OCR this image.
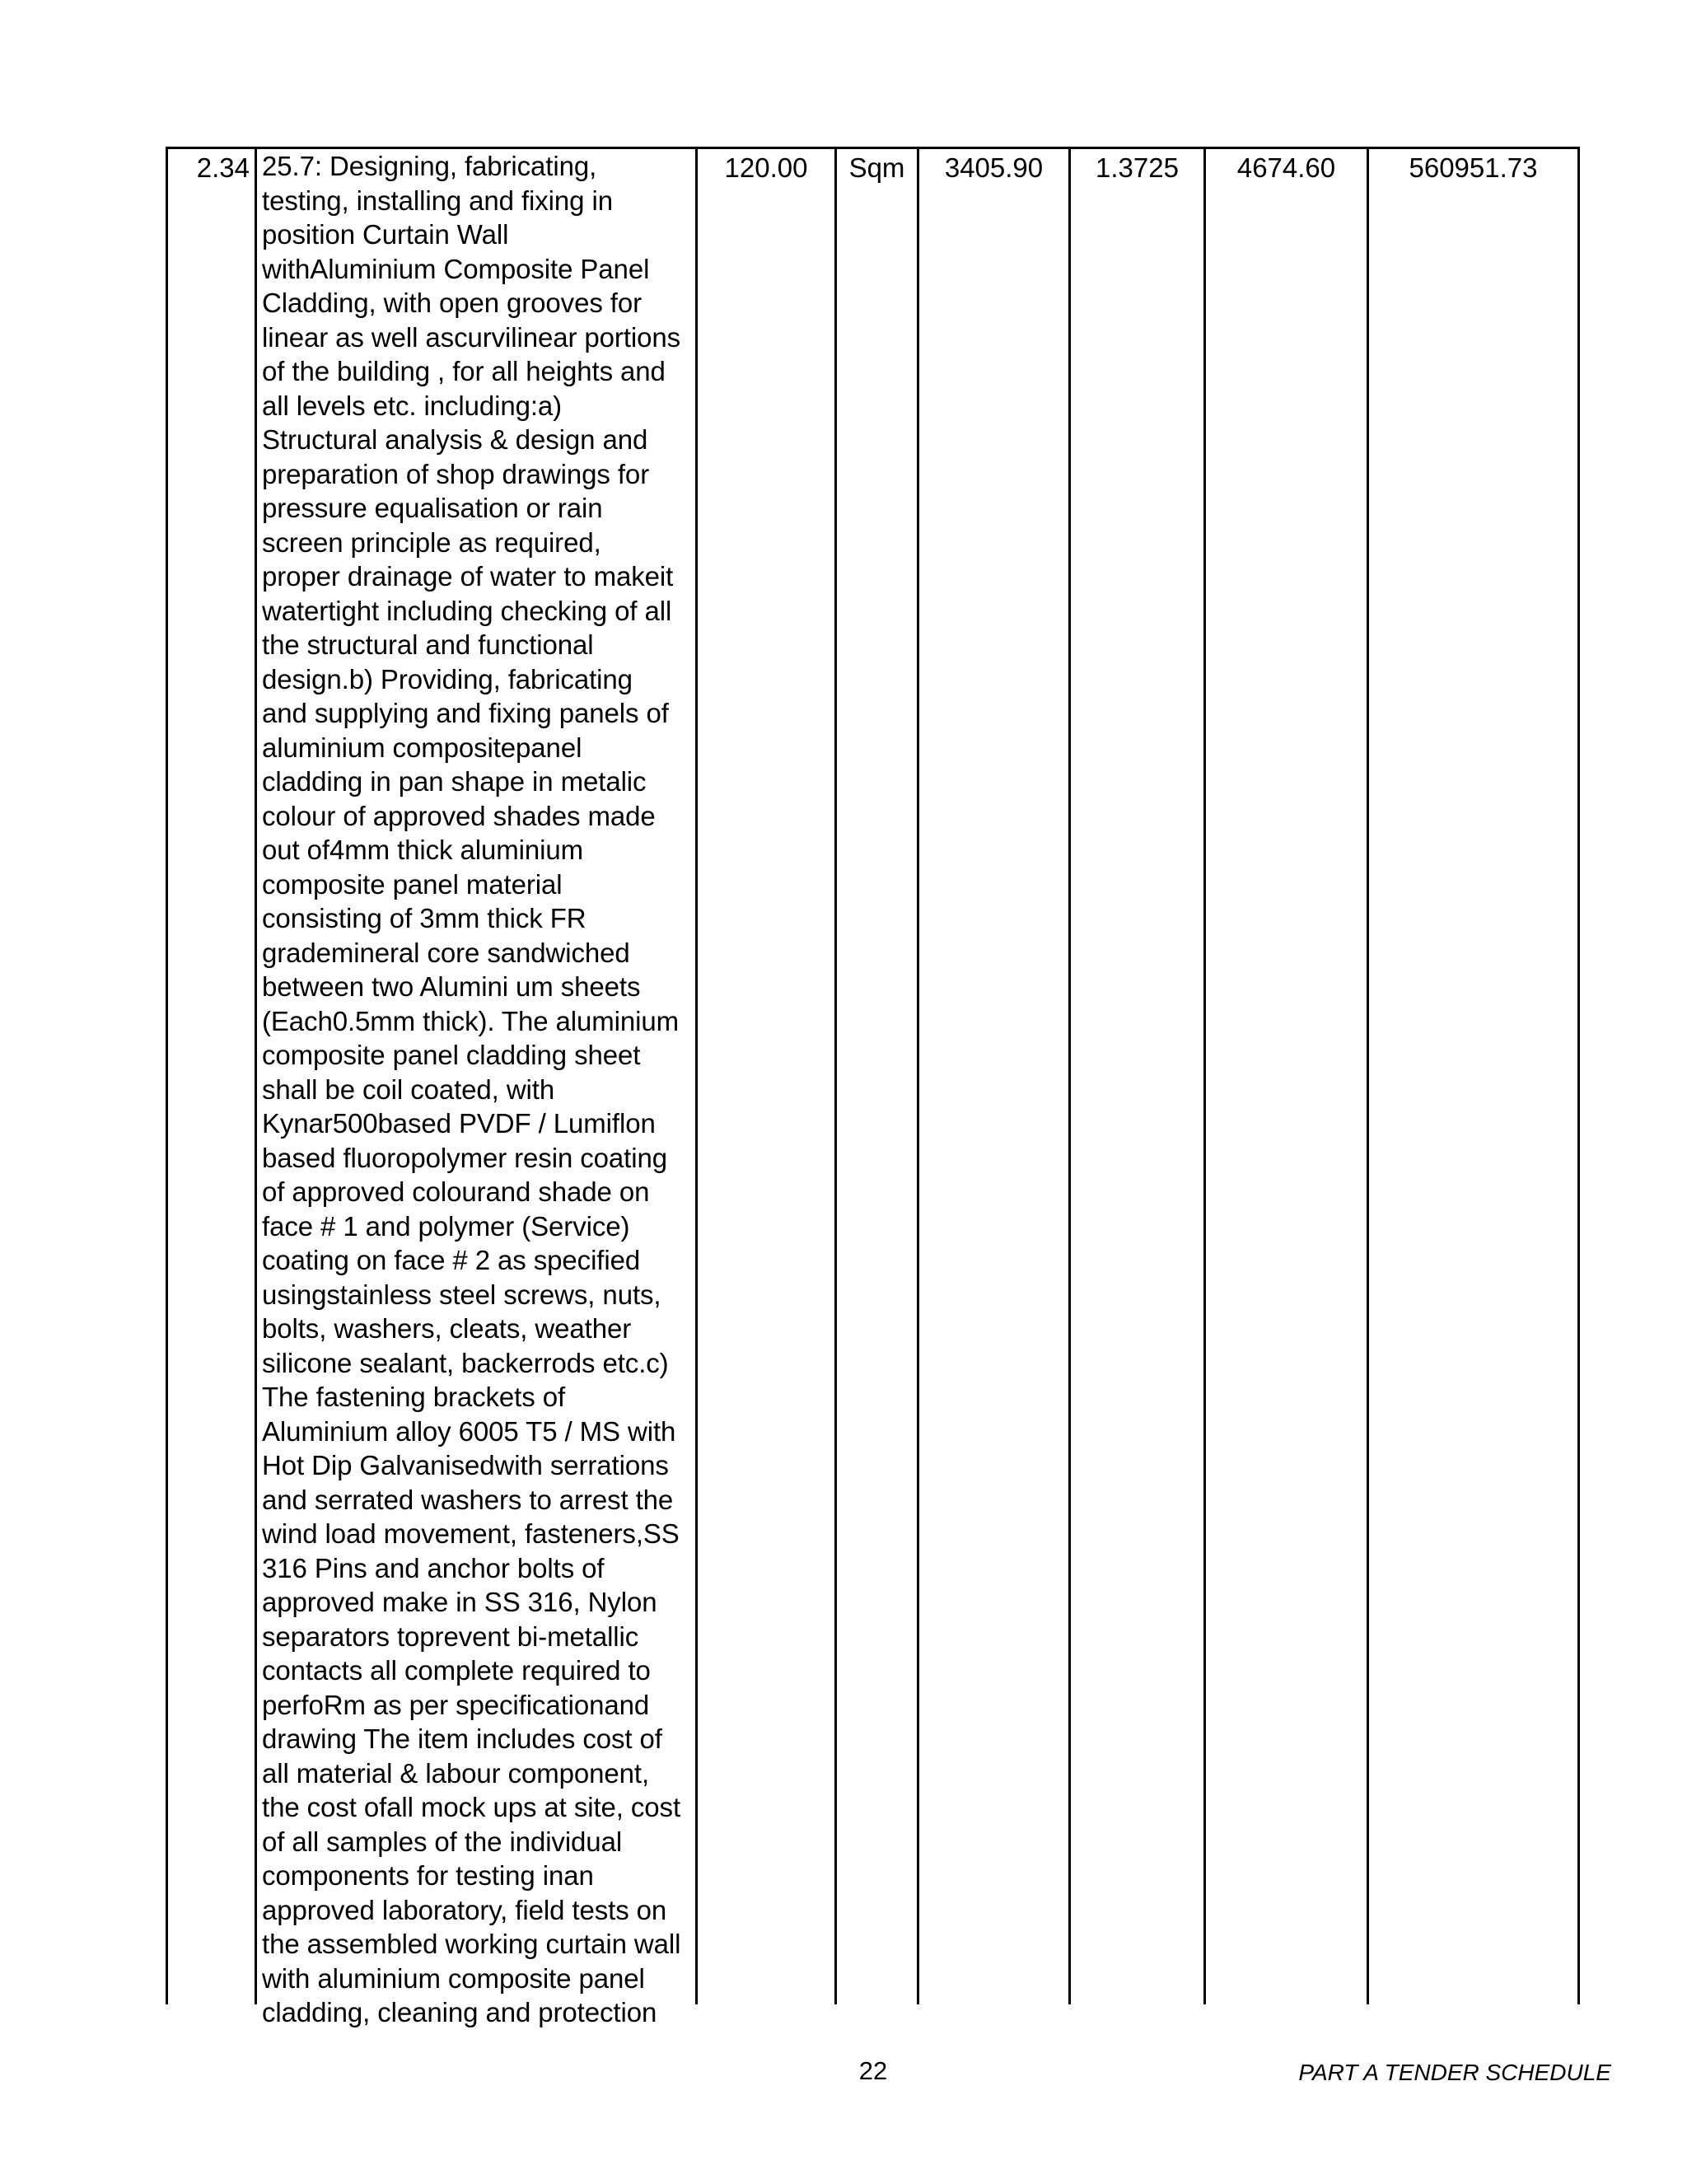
2.34 25.7: Designing, fabricating,
testing, installing and fixing in
position Curtain Wall
withAluminium Composite Panel
Cladding, with open grooves for
linear as well ascurvilinear portions
of the building , for all heights and
all levels etc. including:a)
Structural analysis & design and
preparation of shop drawings for
pressure equalisation or rain
screen principle as required,
proper drainage of water to makeit
watertight including checking of all
the structural and functional
design.b) Providing, fabricating
and supplying and fixing panels of
aluminium compositepanel
cladding in pan shape in metalic
colour of approved shades made
out of4mm thick aluminium
composite panel material
consisting of 3mm thick FR
grademineral core sandwiched
between two Alumini um sheets
(Each0.5mm thick). The aluminium
composite panel cladding sheet
shall be coil coated, with
Kynar500based PVDF / Lumiflon
based fluoropolymer resin coating
of approved colourand shade on
face # 1 and polymer (Service)
coating on face # 2 as specified
usingstainless steel screws, nuts,
bolts, washers, cleats, weather
silicone sealant, backerrods etc.c)
The fastening brackets of
Aluminium alloy 6005 T5 / MS with
Hot Dip Galvanisedwith serrations
and serrated washers to arrest the
wind load movement, fasteners,SS
316 Pins and anchor bolts of
approved make in SS 316, Nylon
separators toprevent bi-metallic
contacts all complete required to
perfoRm as per specificationand
drawing The item includes cost of
all material & labour component,
the cost ofall mock ups at site, cost
of all samples of the individual
components for testing inan
approved laboratory, field tests on
the assembled working curtain wall
with aluminium composite panel
cladding, cleaning and protection
120.00	Sqm	3405.90	1.3725	4674.60	560951.73
22	PART A TENDER SCHEDULE
